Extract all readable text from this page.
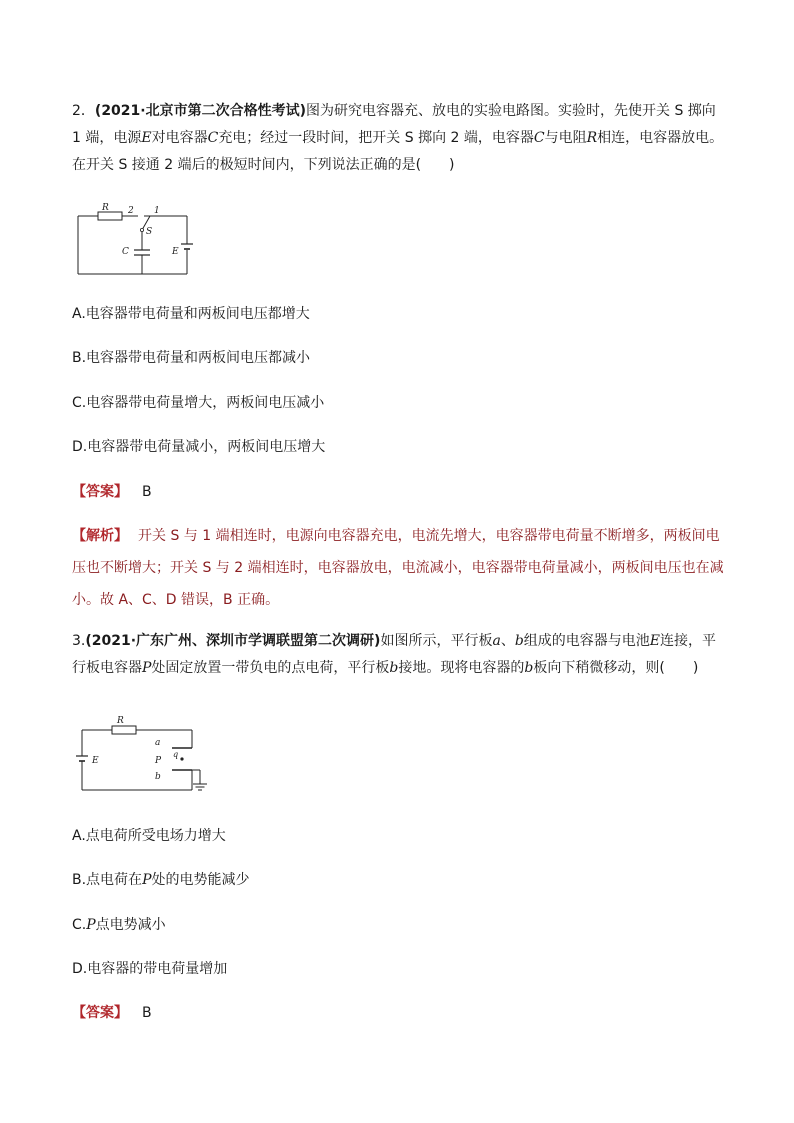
2．(2021·北京市第二次合格性考试)图为研究电容器充、放电的实验电路图。实验时，先使开关 S 掷向 1 端，电源E对电容器C充电；经过一段时间，把开关 S 掷向 2 端，电容器C与电阻R相连，电容器放电。在开关 S 接通 2 端后的极短时间内，下列说法正确的是(　　)
R 2 1
S
C	E
A.电容器带电荷量和两板间电压都增大
B.电容器带电荷量和两板间电压都减小
C.电容器带电荷量增大，两板间电压减小
D.电容器带电荷量减小，两板间电压增大
【答案】 B
【解析】 开关 S 与 1 端相连时，电源向电容器充电，电流先增大，电容器带电荷量不断增多，两板间电压也不断增大；开关 S 与 2 端相连时，电容器放电，电流减小，电容器带电荷量减小，两板间电压也在减小。故 A、C、D 错误，B 正确。
3.(2021·广东广州、深圳市学调联盟第二次调研)如图所示，平行板a、b组成的电容器与电池E连接，平行板电容器P处固定放置一带负电的点电荷，平行板b接地。现将电容器的b板向下稍微移动，则(　　)
R
E
a
P
q
b
A.点电荷所受电场力增大
B.点电荷在P处的电势能减少
C.P点电势减小
D.电容器的带电荷量增加
【答案】 B
